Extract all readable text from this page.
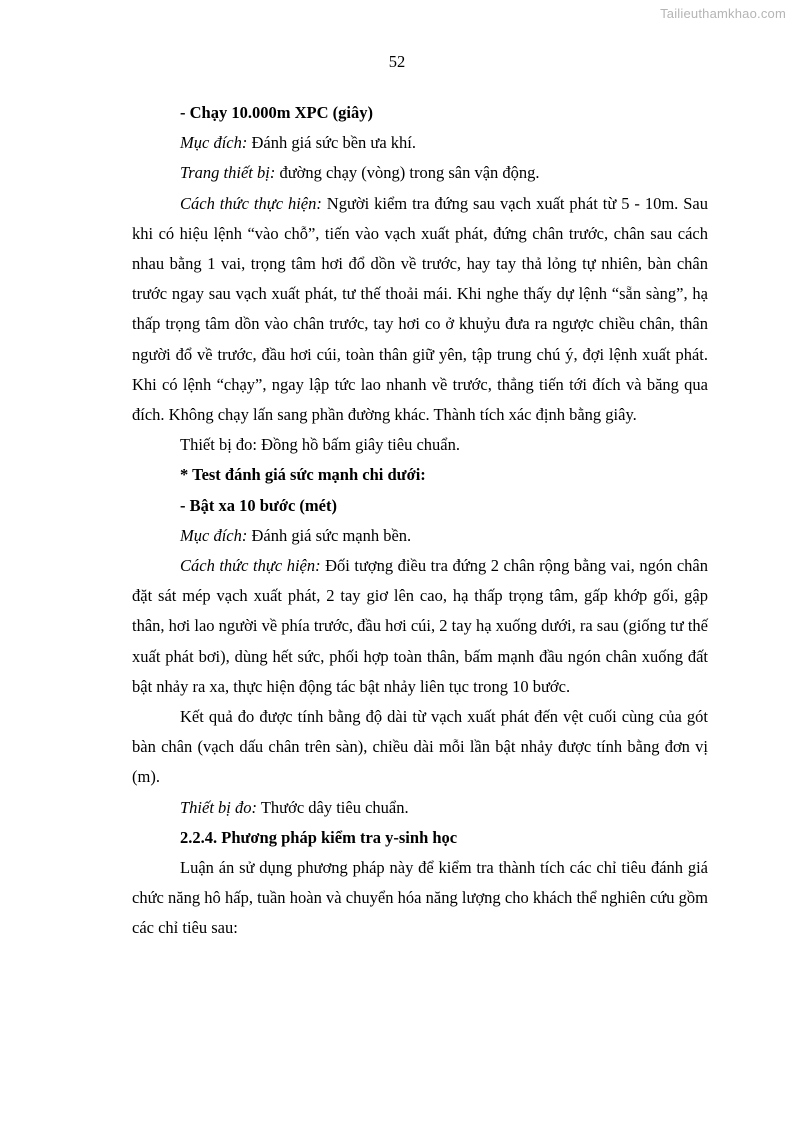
Tailieuthamkhao.com
52

- Chạy 10.000m XPC (giây)

Mục đích: Đánh giá sức bền ưa khí.

Trang thiết bị: đường chạy (vòng) trong sân vận động.

Cách thức thực hiện: Người kiểm tra đứng sau vạch xuất phát từ 5 - 10m. Sau khi có hiệu lệnh “vào chỗ”, tiến vào vạch xuất phát, đứng chân trước, chân sau cách nhau bằng 1 vai, trọng tâm hơi đổ dồn về trước, hay tay thả lỏng tự nhiên, bàn chân trước ngay sau vạch xuất phát, tư thế thoải mái. Khi nghe thấy dự lệnh “sẵn sàng”, hạ thấp trọng tâm dồn vào chân trước, tay hơi co ở khuỷu đưa ra ngược chiều chân, thân người đổ về trước, đầu hơi cúi, toàn thân giữ yên, tập trung chú ý, đợi lệnh xuất phát. Khi có lệnh “chạy”, ngay lập tức lao nhanh về trước, thẳng tiến tới đích và băng qua đích. Không chạy lấn sang phần đường khác. Thành tích xác định bằng giây.

Thiết bị đo: Đồng hồ bấm giây tiêu chuẩn.

* Test đánh giá sức mạnh chi dưới:

- Bật xa 10 bước (mét)

Mục đích: Đánh giá sức mạnh bền.

Cách thức thực hiện: Đối tượng điều tra đứng 2 chân rộng bằng vai, ngón chân đặt sát mép vạch xuất phát, 2 tay giơ lên cao, hạ thấp trọng tâm, gấp khớp gối, gập thân, hơi lao người về phía trước, đầu hơi cúi, 2 tay hạ xuống dưới, ra sau (giống tư thế xuất phát bơi), dùng hết sức, phối hợp toàn thân, bấm mạnh đầu ngón chân xuống đất bật nhảy ra xa, thực hiện động tác bật nhảy liên tục trong 10 bước.

Kết quả đo được tính bằng độ dài từ vạch xuất phát đến vệt cuối cùng của gót bàn chân (vạch dấu chân trên sàn), chiều dài mỗi lần bật nhảy được tính bằng đơn vị (m).

Thiết bị đo: Thước dây tiêu chuẩn.

2.2.4. Phương pháp kiểm tra y-sinh học

Luận án sử dụng phương pháp này để kiểm tra thành tích các chỉ tiêu đánh giá chức năng hô hấp, tuần hoàn và chuyển hóa năng lượng cho khách thể nghiên cứu gồm các chỉ tiêu sau:
